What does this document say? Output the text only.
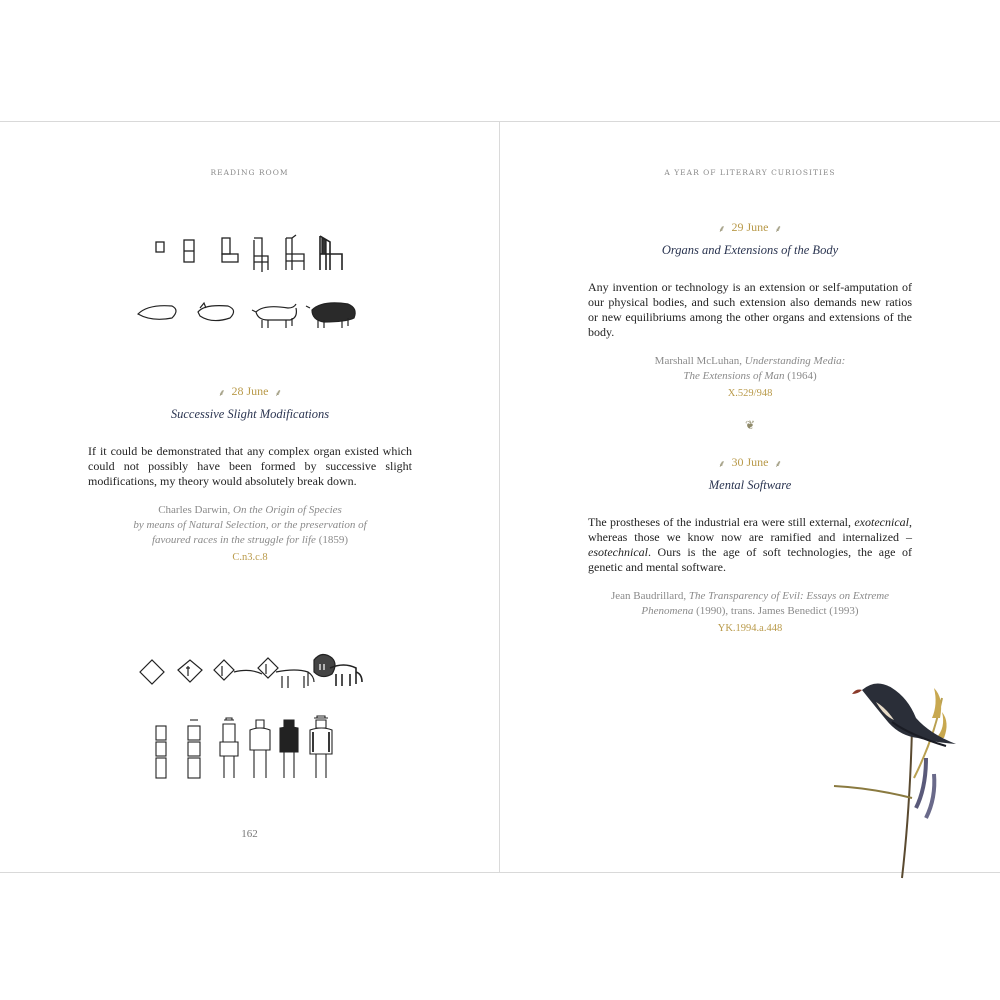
READING ROOM
⸙ 28 June ⸙
Successive Slight Modifications
If it could be demonstrated that any complex organ existed which could not possibly have been formed by successive slight modifications, my theory would absolutely break down.
Charles Darwin, On the Origin of Species
by means of Natural Selection, or the preservation of
favoured races in the struggle for life (1859)
C.n3.c.8
162
A YEAR OF LITERARY CURIOSITIES
⸙ 29 June ⸙
Organs and Extensions of the Body
Any invention or technology is an extension or self-amputation of our physical bodies, and such extension also demands new ratios or new equilibriums among the other organs and extensions of the body.
Marshall McLuhan, Understanding Media:
The Extensions of Man (1964)
X.529/948
❦
⸙ 30 June ⸙
Mental Software
The prostheses of the industrial era were still external, exotecnical, whereas those we know now are ramified and internalized – esotechnical. Ours is the age of soft technologies, the age of genetic and mental software.
Jean Baudrillard, The Transparency of Evil: Essays on Extreme
Phenomena (1990), trans. James Benedict (1993)
YK.1994.a.448
